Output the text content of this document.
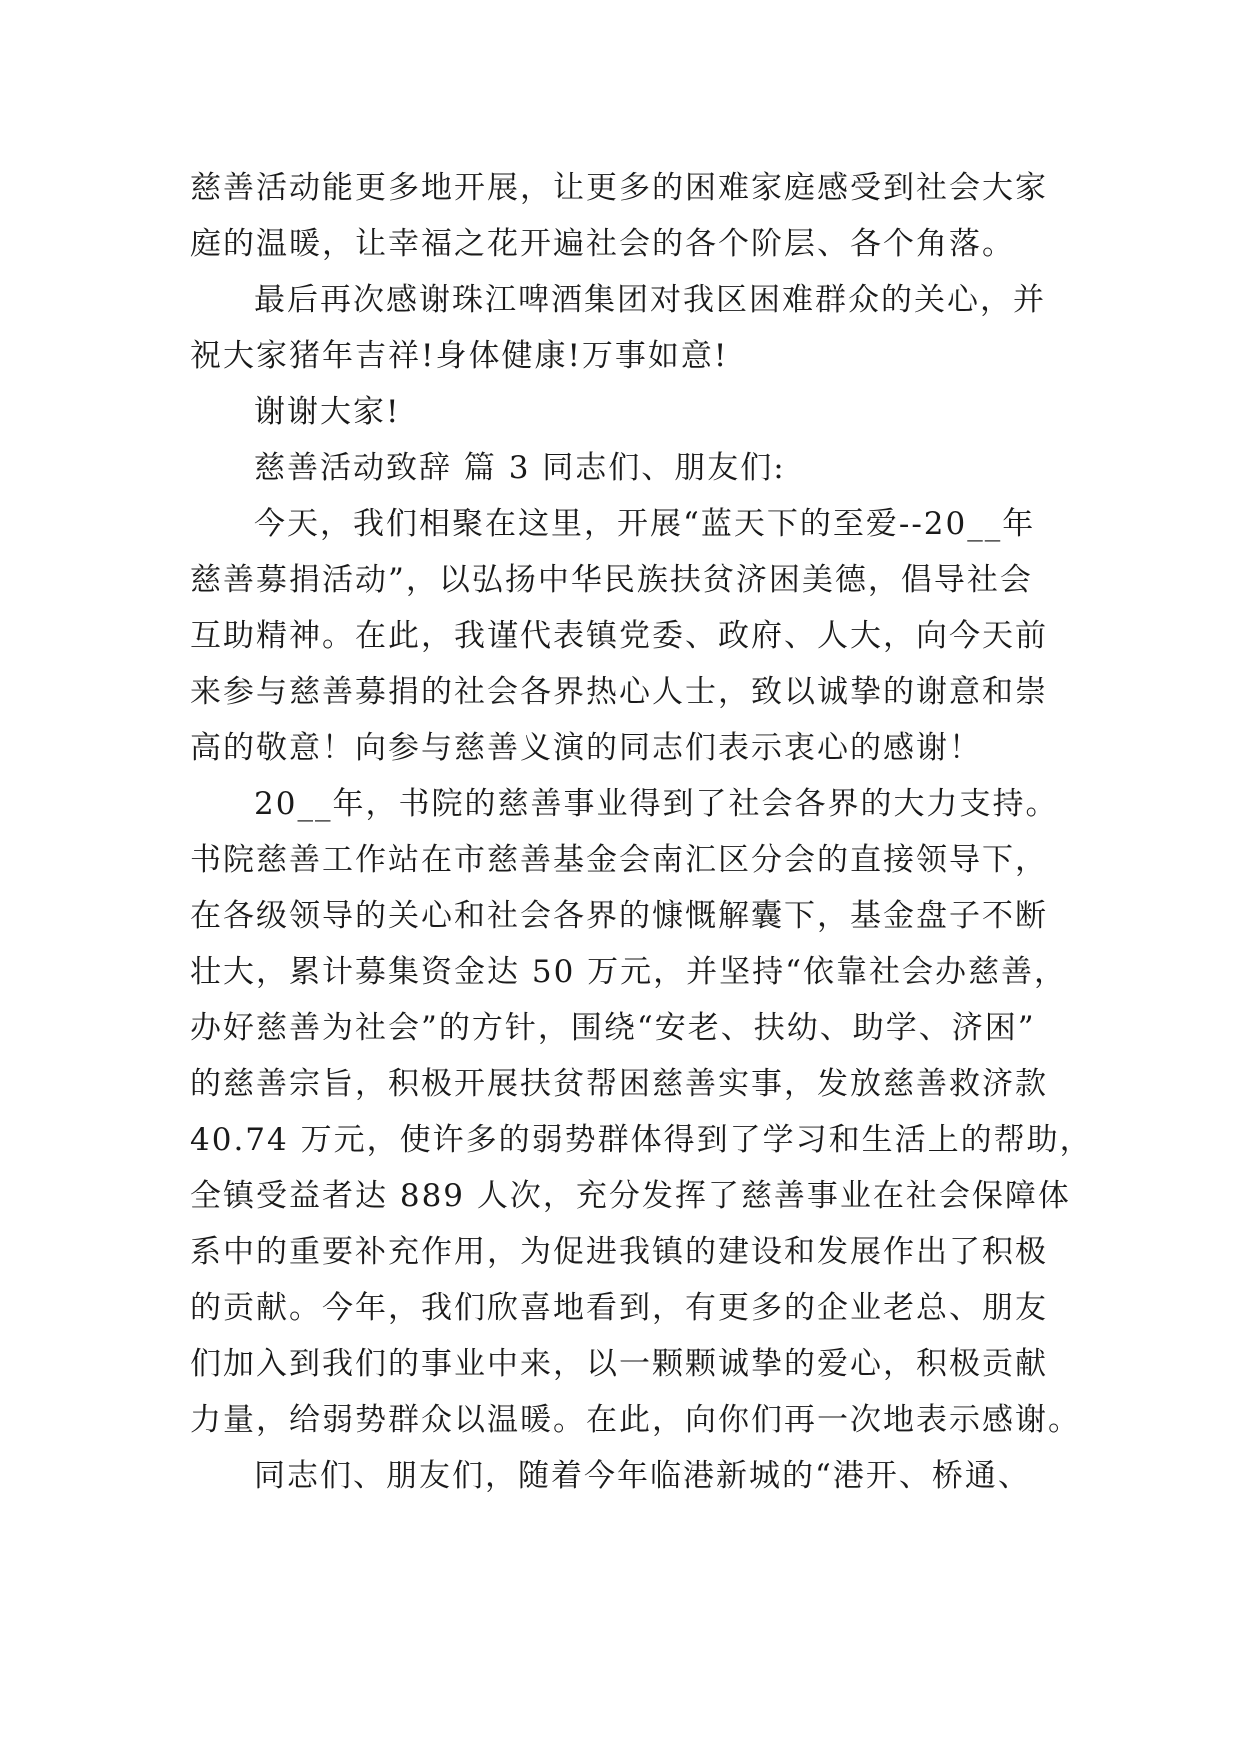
慈善活动能更多地开展，让更多的困难家庭感受到社会大家
庭的温暖，让幸福之花开遍社会的各个阶层、各个角落。
最后再次感谢珠江啤酒集团对我区困难群众的关心，并
祝大家猪年吉祥!身体健康!万事如意!
谢谢大家!
慈善活动致辞 篇 3 同志们、朋友们:
今天，我们相聚在这里，开展“蓝天下的至爱--20__年
慈善募捐活动”，以弘扬中华民族扶贫济困美德，倡导社会
互助精神。在此，我谨代表镇党委、政府、人大，向今天前
来参与慈善募捐的社会各界热心人士，致以诚挚的谢意和崇
高的敬意！向参与慈善义演的同志们表示衷心的感谢！
20__年，书院的慈善事业得到了社会各界的大力支持。
书院慈善工作站在市慈善基金会南汇区分会的直接领导下，
在各级领导的关心和社会各界的慷慨解囊下，基金盘子不断
壮大，累计募集资金达 50 万元，并坚持“依靠社会办慈善，
办好慈善为社会”的方针，围绕“安老、扶幼、助学、济困”
的慈善宗旨，积极开展扶贫帮困慈善实事，发放慈善救济款
40.74 万元，使许多的弱势群体得到了学习和生活上的帮助，
全镇受益者达 889 人次，充分发挥了慈善事业在社会保障体
系中的重要补充作用，为促进我镇的建设和发展作出了积极
的贡献。今年，我们欣喜地看到，有更多的企业老总、朋友
们加入到我们的事业中来，以一颗颗诚挚的爱心，积极贡献
力量，给弱势群众以温暖。在此，向你们再一次地表示感谢。
同志们、朋友们，随着今年临港新城的“港开、桥通、
